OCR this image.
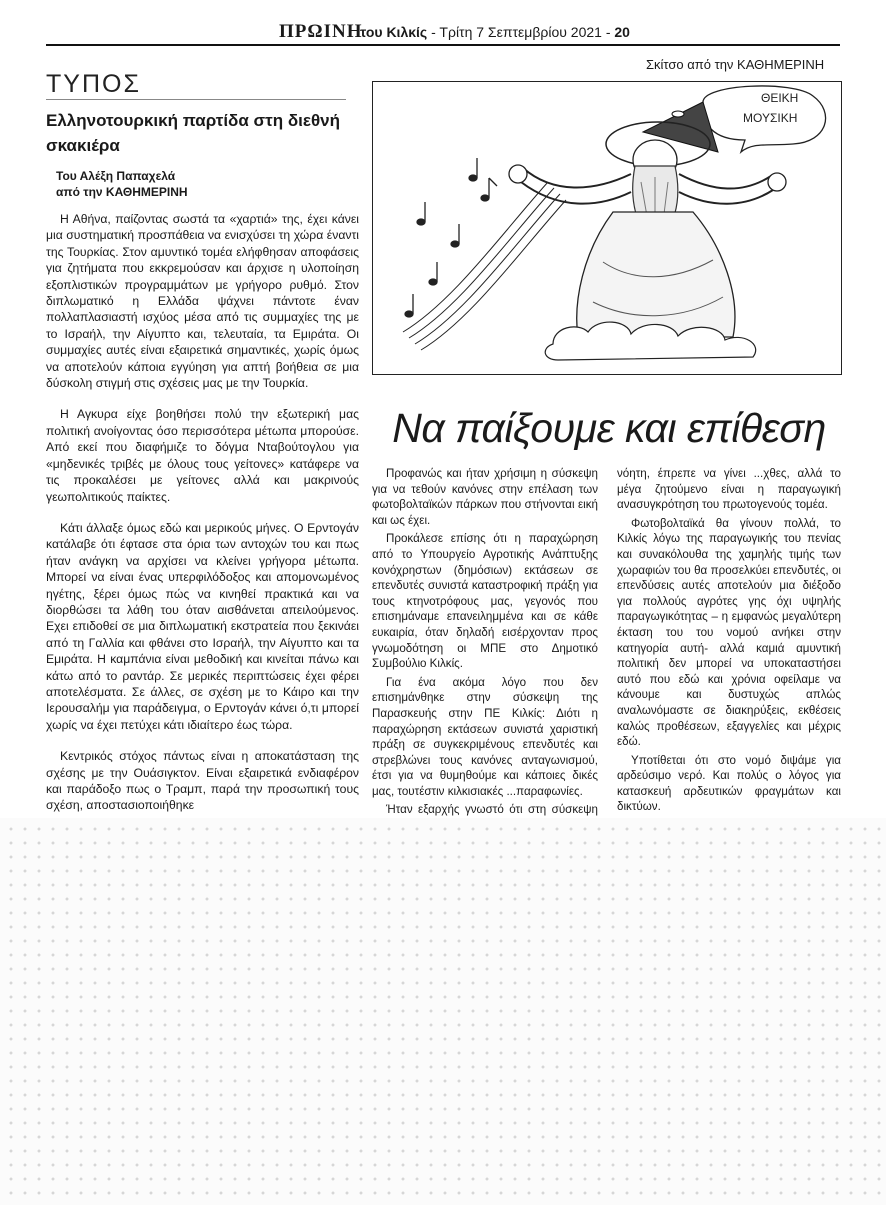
ΠΡΩΙΝΗ
του Κιλκίς - Τρίτη 7 Σεπτεμβρίου 2021 - 20
ΤΥΠΟΣ
Ελληνοτουρκική παρτίδα στη διεθνή σκακιέρα
Του Αλέξη Παπαχελά
από την ΚΑΘΗΜΕΡΙΝΗ

Η Αθήνα, παίζοντας σωστά τα «χαρτιά» της, έχει κάνει μια συστηματική προσπάθεια να ενισχύσει τη χώρα έναντι της Τουρκίας. Στον αμυντικό τομέα ελήφθησαν αποφάσεις για ζητήματα που εκκρεμούσαν και άρχισε η υλοποίηση εξοπλιστικών προγραμμάτων με γρήγορο ρυθμό. Στον διπλωματικό η Ελλάδα ψάχνει πάντοτε έναν πολλαπλασιαστή ισχύος μέσα από τις συμμαχίες της με το Ισραήλ, την Αίγυπτο και, τελευταία, τα Εμιράτα. Οι συμμαχίες αυτές είναι εξαιρετικά σημαντικές, χωρίς όμως να αποτελούν κάποια εγγύηση για απτή βοήθεια σε μια δύσκολη στιγμή στις σχέσεις μας με την Τουρκία.

Η Αγκυρα είχε βοηθήσει πολύ την εξωτερική μας πολιτική ανοίγοντας όσο περισσότερα μέτωπα μπορούσε. Από εκεί που διαφήμιζε το δόγμα Νταβούτογλου για «μηδενικές τριβές με όλους τους γείτονες» κατάφερε να τις προκαλέσει με γείτονες αλλά και μακρινούς γεωπολιτικούς παίκτες.

Κάτι άλλαξε όμως εδώ και μερικούς μήνες. Ο Ερντογάν κατάλαβε ότι έφτασε στα όρια των αντοχών του και πως ήταν ανάγκη να αρχίσει να κλείνει γρήγορα μέτωπα. Μπορεί να είναι ένας υπερφιλόδοξος και απομονωμένος ηγέτης, ξέρει όμως πώς να κινηθεί πρακτικά και να διορθώσει τα λάθη του όταν αισθάνεται απειλούμενος. Εχει επιδοθεί σε μια διπλωματική εκστρατεία που ξεκινάει από τη Γαλλία και φθάνει στο Ισραήλ, την Αίγυπτο και τα Εμιράτα. Η καμπάνια είναι μεθοδική και κινείται πάνω και κάτω από το ραντάρ. Σε μερικές περιπτώσεις έχει φέρει αποτελέσματα. Σε άλλες, σε σχέση με το Κάιρο και την Ιερουσαλήμ για παράδειγμα, ο Ερντογάν κάνει ό,τι μπορεί χωρίς να έχει πετύχει κάτι ιδιαίτερο έως τώρα.

Κεντρικός στόχος πάντως είναι η αποκατάσταση της σχέσης με την Ουάσιγκτον. Είναι εξαιρετικά ενδιαφέρον και παράδοξο πως ο Τραμπ, παρά την προσωπική τους σχέση, αποστασιοποιήθηκε

Σκίτσο από την ΚΑΘΗΜΕΡΙΝΗ
ΘΕΙΚΗ
ΜΟΥΣΙΚΗ
Να παίξουμε και επίθεση

Προφανώς και ήταν χρήσιμη η σύσκεψη για να τεθούν κανόνες στην επέλαση των φωτοβολταϊκών πάρκων που στήνονται εική και ως έχει.

Προκάλεσε επίσης ότι η παραχώρηση από το Υπουργείο Αγροτικής Ανάπτυξης κονόχρηστων (δημόσιων) εκτάσεων σε επενδυτές συνιστά καταστροφική πράξη για τους κτηνοτρόφους μας, γεγονός που επισημάναμε επανειλημμένα και σε κάθε ευκαιρία, όταν δηλαδή εισέρχονταν προς γνωμοδότηση οι ΜΠΕ στο Δημοτικό Συμβούλιο Κιλκίς.

Για ένα ακόμα λόγο που δεν επισημάνθηκε στην σύσκεψη της Παρασκευής στην ΠΕ Κιλκίς: Διότι η παραχώρηση εκτάσεων συνιστά χαριστική πράξη σε συγκεκριμένους επενδυτές και στρεβλώνει τους κανόνες ανταγωνισμού, έτσι για να θυμηθούμε και κάποιες δικές μας, τουτέστιν κιλκισιακές ...παραφωνίες.

Ήταν εξαρχής γνωστό ότι στη σύσκεψη

νόητη, έπρεπε να γίνει ...χθες, αλλά το μέγα ζητούμενο είναι η παραγωγική ανασυγκρότηση του πρωτογενούς τομέα.

Φωτοβολταϊκά θα γίνουν πολλά, το Κιλκίς λόγω της παραγωγικής του πενίας και συνακόλουθα της χαμηλής τιμής των χωραφιών του θα προσελκύει επενδυτές, οι επενδύσεις αυτές αποτελούν μια διέξοδο για πολλούς αγρότες γης όχι υψηλής παραγωγικότητας – η εμφανώς μεγαλύτερη έκταση του του νομού ανήκει στην κατηγορία αυτή- αλλά καμιά αμυντική πολιτική δεν μπορεί να υποκαταστήσει αυτό που εδώ και χρόνια οφείλαμε να κάνουμε και δυστυχώς απλώς αναλωνόμαστε σε διακηρύξεις, εκθέσεις καλώς προθέσεων, εξαγγελίες και μέχρις εδώ.

Υποτίθεται ότι στο νομό διψάμε για αρδεύσιμο νερό. Και πολύς ο λόγος για κατασκευή αρδευτικών φραγμάτων και δικτύων.
